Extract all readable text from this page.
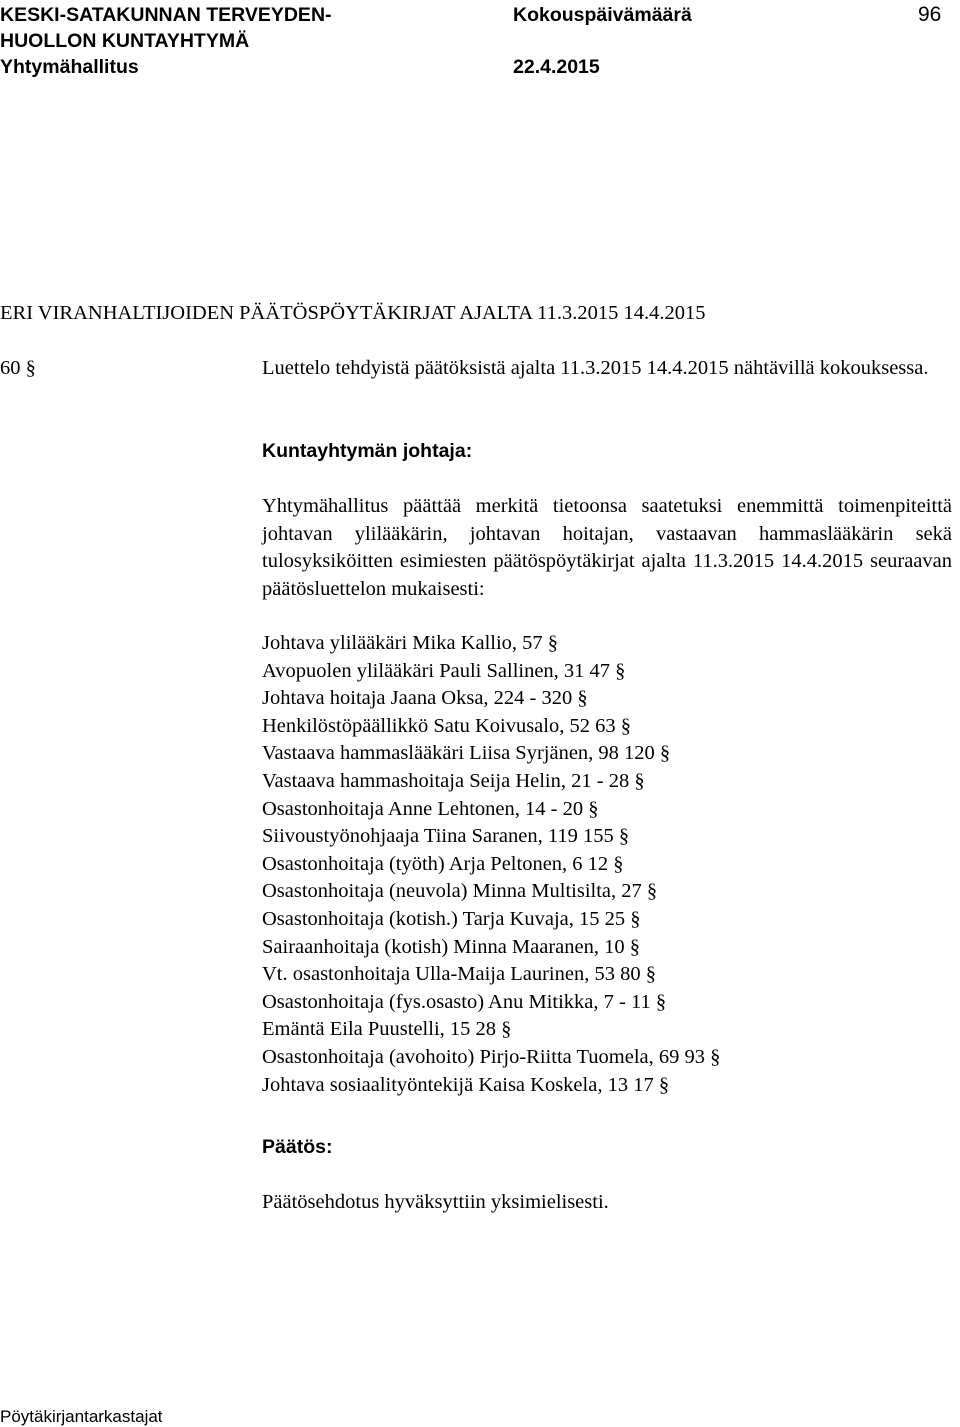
KESKI-SATAKUNNAN TERVEYDEN-
HUOLLON KUNTAYHTYMÄ
Yhtymähallitus
Kokouspäivämäärä
22.4.2015
96
ERI VIRANHALTIJOIDEN PÄÄTÖSPÖYTÄKIRJAT AJALTA 11.3.2015 14.4.2015
60 §	Luettelo tehdyistä päätöksistä ajalta 11.3.2015 14.4.2015 nähtävillä kokouksessa.
Kuntayhtymän johtaja:
Yhtymähallitus päättää merkitä tietoonsa saatetuksi enemmittä toimenpiteittä johtavan ylilääkärin, johtavan hoitajan, vastaavan hammaslääkärin sekä tulosyksiköitten esimiesten päätöspöytäkirjat ajalta 11.3.2015 14.4.2015 seuraavan päätösluettelon mukaisesti:
Johtava ylilääkäri Mika Kallio, 57 §
Avopuolen ylilääkäri Pauli Sallinen, 31 47 §
Johtava hoitaja Jaana Oksa, 224 - 320 §
Henkilöstöpäällikkö Satu Koivusalo, 52 63 §
Vastaava hammaslääkäri Liisa Syrjänen, 98 120 §
Vastaava hammashoitaja Seija Helin, 21 - 28 §
Osastonhoitaja Anne Lehtonen, 14 - 20 §
Siivoustyönohjaaja Tiina Saranen, 119 155 §
Osastonhoitaja (työth) Arja Peltonen, 6 12 §
Osastonhoitaja (neuvola) Minna Multisilta, 27 §
Osastonhoitaja (kotish.) Tarja Kuvaja, 15 25 §
Sairaanhoitaja (kotish) Minna Maaranen, 10 §
Vt. osastonhoitaja Ulla-Maija Laurinen, 53 80 §
Osastonhoitaja (fys.osasto) Anu Mitikka, 7 - 11 §
Emäntä Eila Puustelli, 15 28 §
Osastonhoitaja (avohoito) Pirjo-Riitta Tuomela, 69 93 §
Johtava sosiaalityöntekijä Kaisa Koskela, 13 17 §
Päätös:
Päätösehdotus hyväksyttiin yksimielisesti.
Pöytäkirjantarkastajat
